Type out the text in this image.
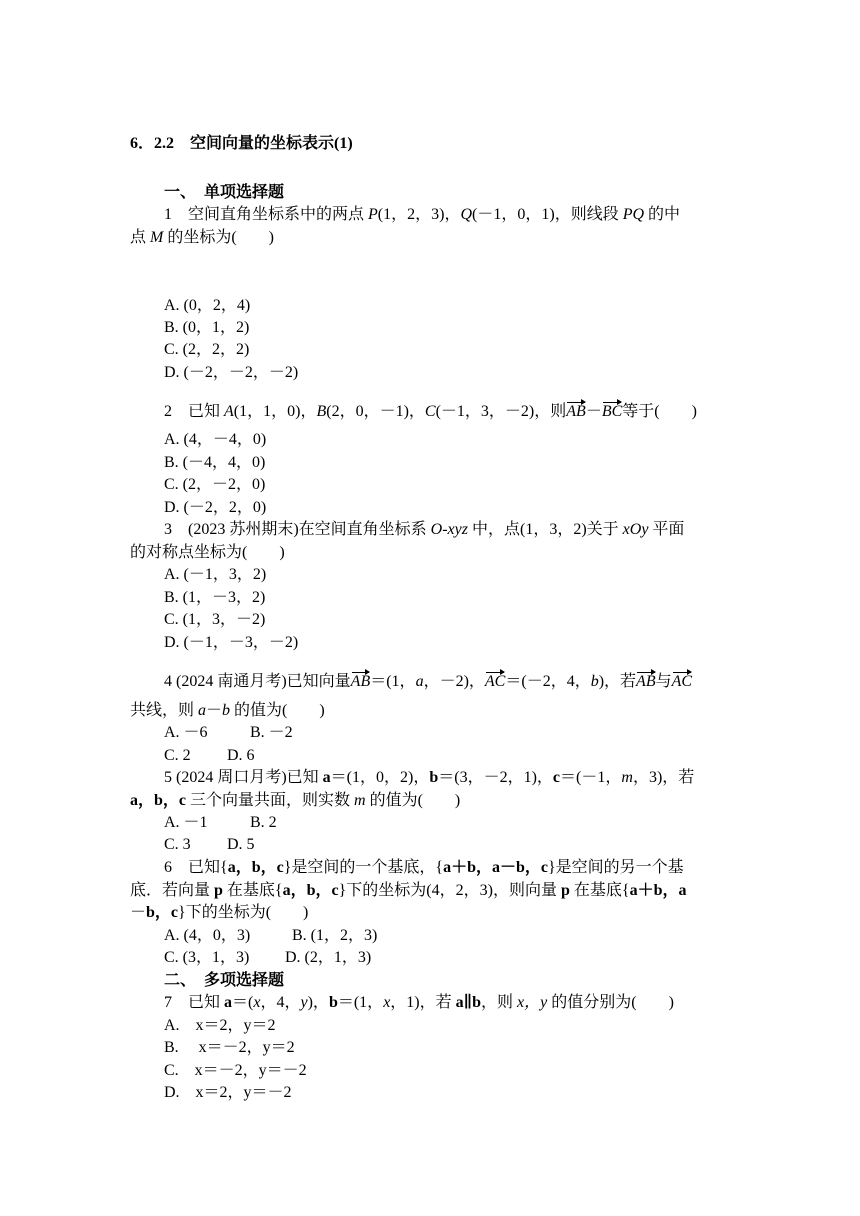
6．2.2　空间向量的坐标表示(1)
一、　单项选择题
1　空间直角坐标系中的两点 P(1，2，3)，Q(－1，0，1)，则线段 PQ 的中
点 M 的坐标为(　　)
A. (0，2，4)
B. (0，1，2)
C. (2，2，2)
D. (－2，－2，－2)
2　已知 A(1，1，0)，B(2，0，－1)，C(－1，3，－2)，则AB－BC等于(　　)
A. (4，－4，0)
B. (－4，4，0)
C. (2，－2，0)
D. (－2，2，0)
3　(2023 苏州期末)在空间直角坐标系 O-xyz 中，点(1，3，2)关于 xOy 平面
的对称点坐标为(　　)
A. (－1，3，2)
B. (1，－3，2)
C. (1，3，－2)
D. (－1，－3，－2)
4 (2024 南通月考)已知向量AB＝(1，a，－2)，AC＝(－2，4，b)，若AB与AC
共线，则 a－b 的值为(　　)
A. －6	B. －2
C. 2 D. 6
5 (2024 周口月考)已知 a＝(1，0，2)，b＝(3，－2，1)，c＝(－1，m，3)，若
a，b，c 三个向量共面，则实数 m 的值为(　　)
A. －1	B. 2
C. 3 D. 5
6　已知{a，b，c}是空间的一个基底，{a＋b，a－b，c}是空间的另一个基
底．若向量 p 在基底{a，b，c}下的坐标为(4，2，3)，则向量 p 在基底{a＋b，a
－b，c}下的坐标为(　　)
A. (4，0，3)	B. (1，2，3)
C. (3，1，3) D. (2，1，3)
二、　多项选择题
7　已知 a＝(x，4，y)，b＝(1，x，1)，若 a∥b，则 x，y 的值分别为(　　)
A.　x＝2，y＝2
B.　 x＝－2，y＝2
C.　x＝－2，y＝－2
D.　x＝2，y＝－2
